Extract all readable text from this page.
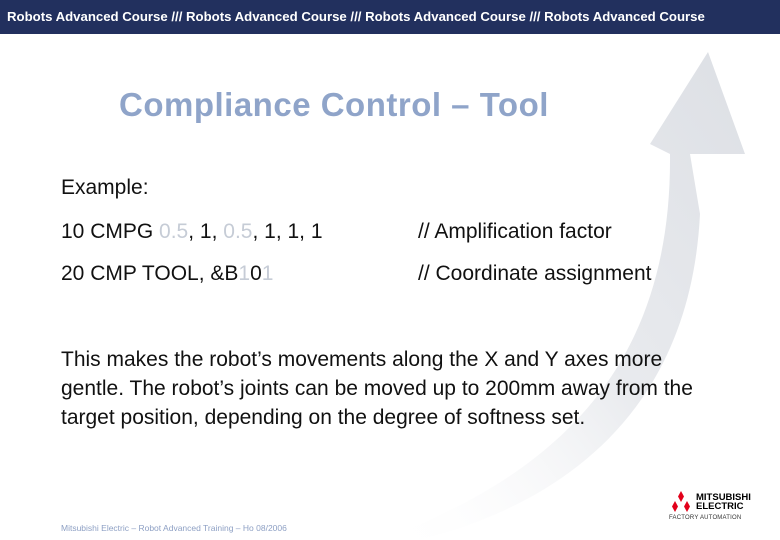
Robots Advanced Course /// Robots Advanced Course /// Robots Advanced Course /// Robots Advanced Course
Compliance Control – Tool
Example:
10 CMPG 0.5, 1, 0.5, 1, 1, 1	// Amplification factor
20 CMP TOOL, &B101	// Coordinate assignment
This makes the robot’s movements along the X and Y axes more gentle. The robot’s joints can be moved up to 200mm away from the target position, depending on the degree of softness set.
Mitsubishi Electric – Robot Advanced Training – Ho 08/2006
MITSUBISHI
ELECTRIC
FACTORY AUTOMATION
